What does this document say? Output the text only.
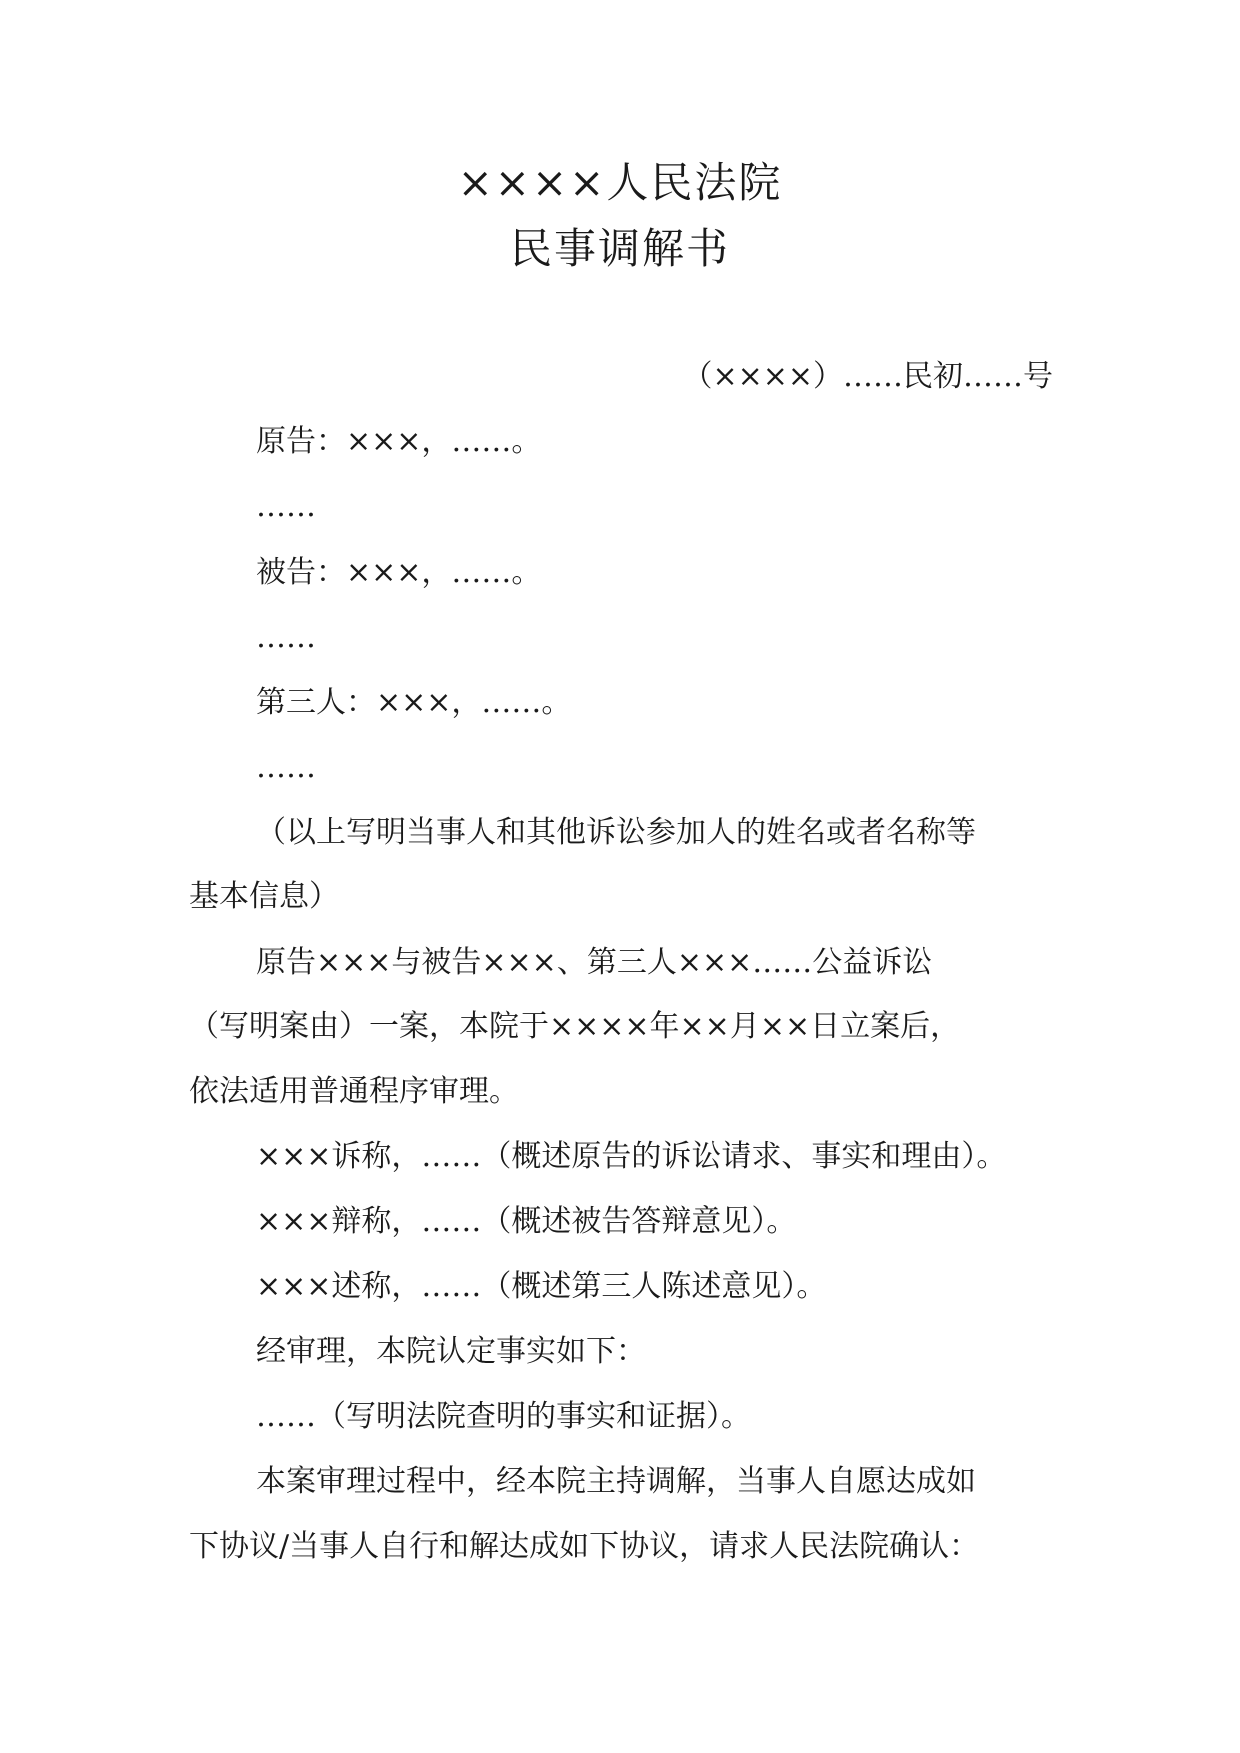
××××人民法院
民事调解书
（××××）……民初……号
原告：×××，……。
……
被告：×××，……。
……
第三人：×××，……。
……
（以上写明当事人和其他诉讼参加人的姓名或者名称等
基本信息）
原告×××与被告×××、第三人×××……公益诉讼
（写明案由）一案，本院于××××年××月××日立案后，
依法适用普通程序审理。
×××诉称，……（概述原告的诉讼请求、事实和理由）。
×××辩称，……（概述被告答辩意见）。
×××述称，……（概述第三人陈述意见）。
经审理，本院认定事实如下：
……（写明法院查明的事实和证据）。
本案审理过程中，经本院主持调解，当事人自愿达成如
下协议/当事人自行和解达成如下协议，请求人民法院确认：
